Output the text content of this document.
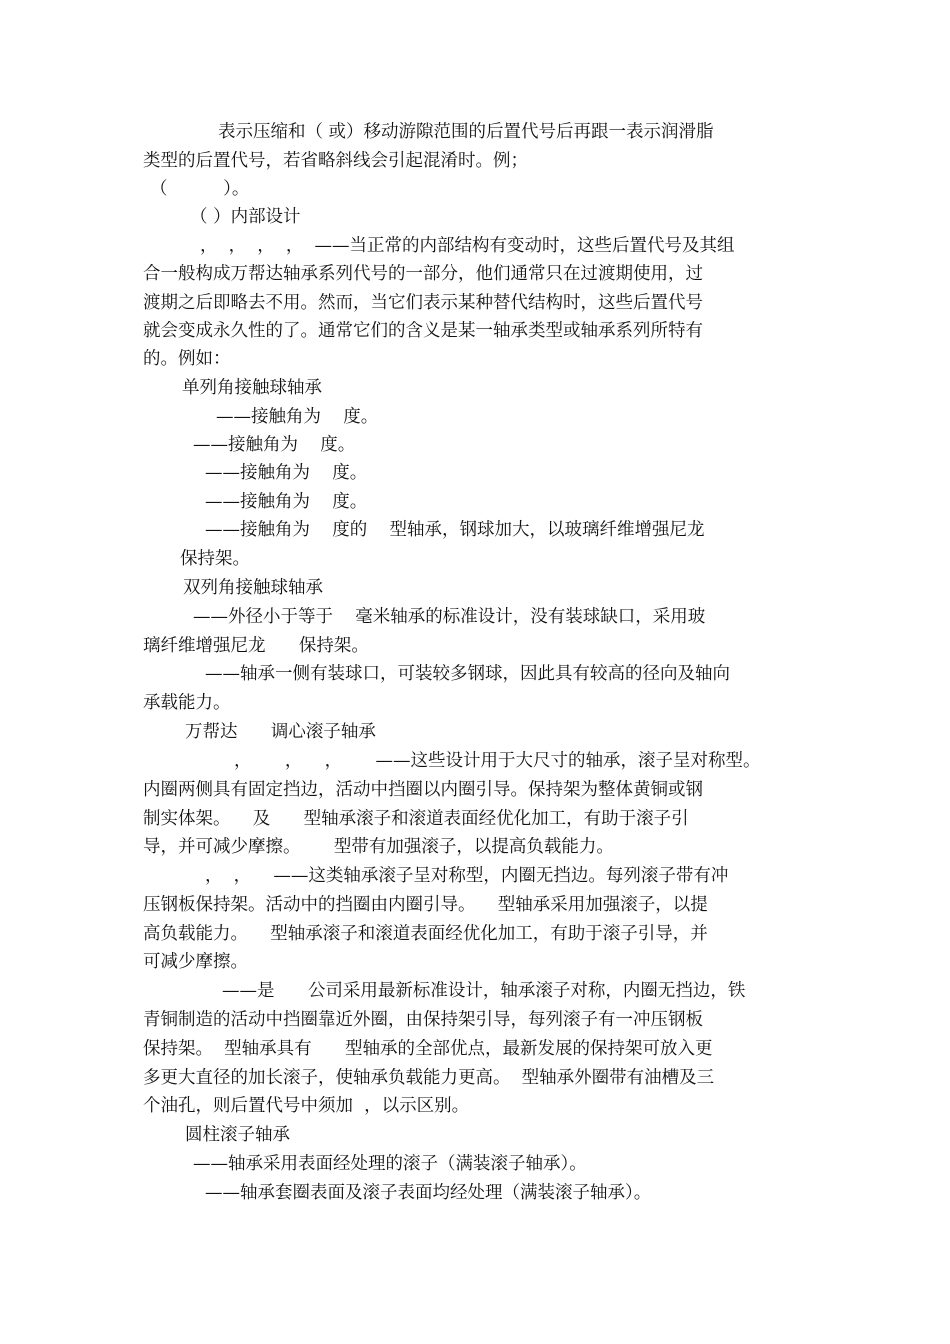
表示压缩和（ 或）移动游隙范围的后置代号后再跟一表示润滑脂
类型的后置代号，若省略斜线会引起混淆时。例；
（          ）。
（ ）内部设计
，  ，  ，  ，  ——当正常的内部结构有变动时，这些后置代号及其组
合一般构成万帮达轴承系列代号的一部分，他们通常只在过渡期使用，过
渡期之后即略去不用。然而，当它们表示某种替代结构时，这些后置代号
就会变成永久性的了。通常它们的含义是某一轴承类型或轴承系列所特有
的。例如：
单列角接触球轴承
——接触角为    度。
——接触角为    度。
——接触角为    度。
——接触角为    度。
——接触角为    度的    型轴承，钢球加大，以玻璃纤维增强尼龙
保持架。
双列角接触球轴承
——外径小于等于    毫米轴承的标准设计，没有装球缺口，采用玻
璃纤维增强尼龙      保持架。
——轴承一侧有装球口，可装较多钢球，因此具有较高的径向及轴向
承载能力。
万帮达      调心滚子轴承
，      ，    ，      ——这些设计用于大尺寸的轴承，滚子呈对称型。
内圈两侧具有固定挡边，活动中挡圈以内圈引导。保持架为整体黄铜或钢
制实体架。    及      型轴承滚子和滚道表面经优化加工，有助于滚子引
导，并可减少摩擦。      型带有加强滚子，以提高负载能力。
，  ，    ——这类轴承滚子呈对称型，内圈无挡边。每列滚子带有冲
压钢板保持架。活动中的挡圈由内圈引导。    型轴承采用加强滚子，以提
高负载能力。    型轴承滚子和滚道表面经优化加工，有助于滚子引导，并
可减少摩擦。
——是      公司采用最新标准设计，轴承滚子对称，内圈无挡边，铁
青铜制造的活动中挡圈靠近外圈，由保持架引导，每列滚子有一冲压钢板
保持架。  型轴承具有      型轴承的全部优点，最新发展的保持架可放入更
多更大直径的加长滚子，使轴承负载能力更高。  型轴承外圈带有油槽及三
个油孔，则后置代号中须加  ，以示区别。
圆柱滚子轴承
——轴承采用表面经处理的滚子（满装滚子轴承）。
——轴承套圈表面及滚子表面均经处理（满装滚子轴承）。
